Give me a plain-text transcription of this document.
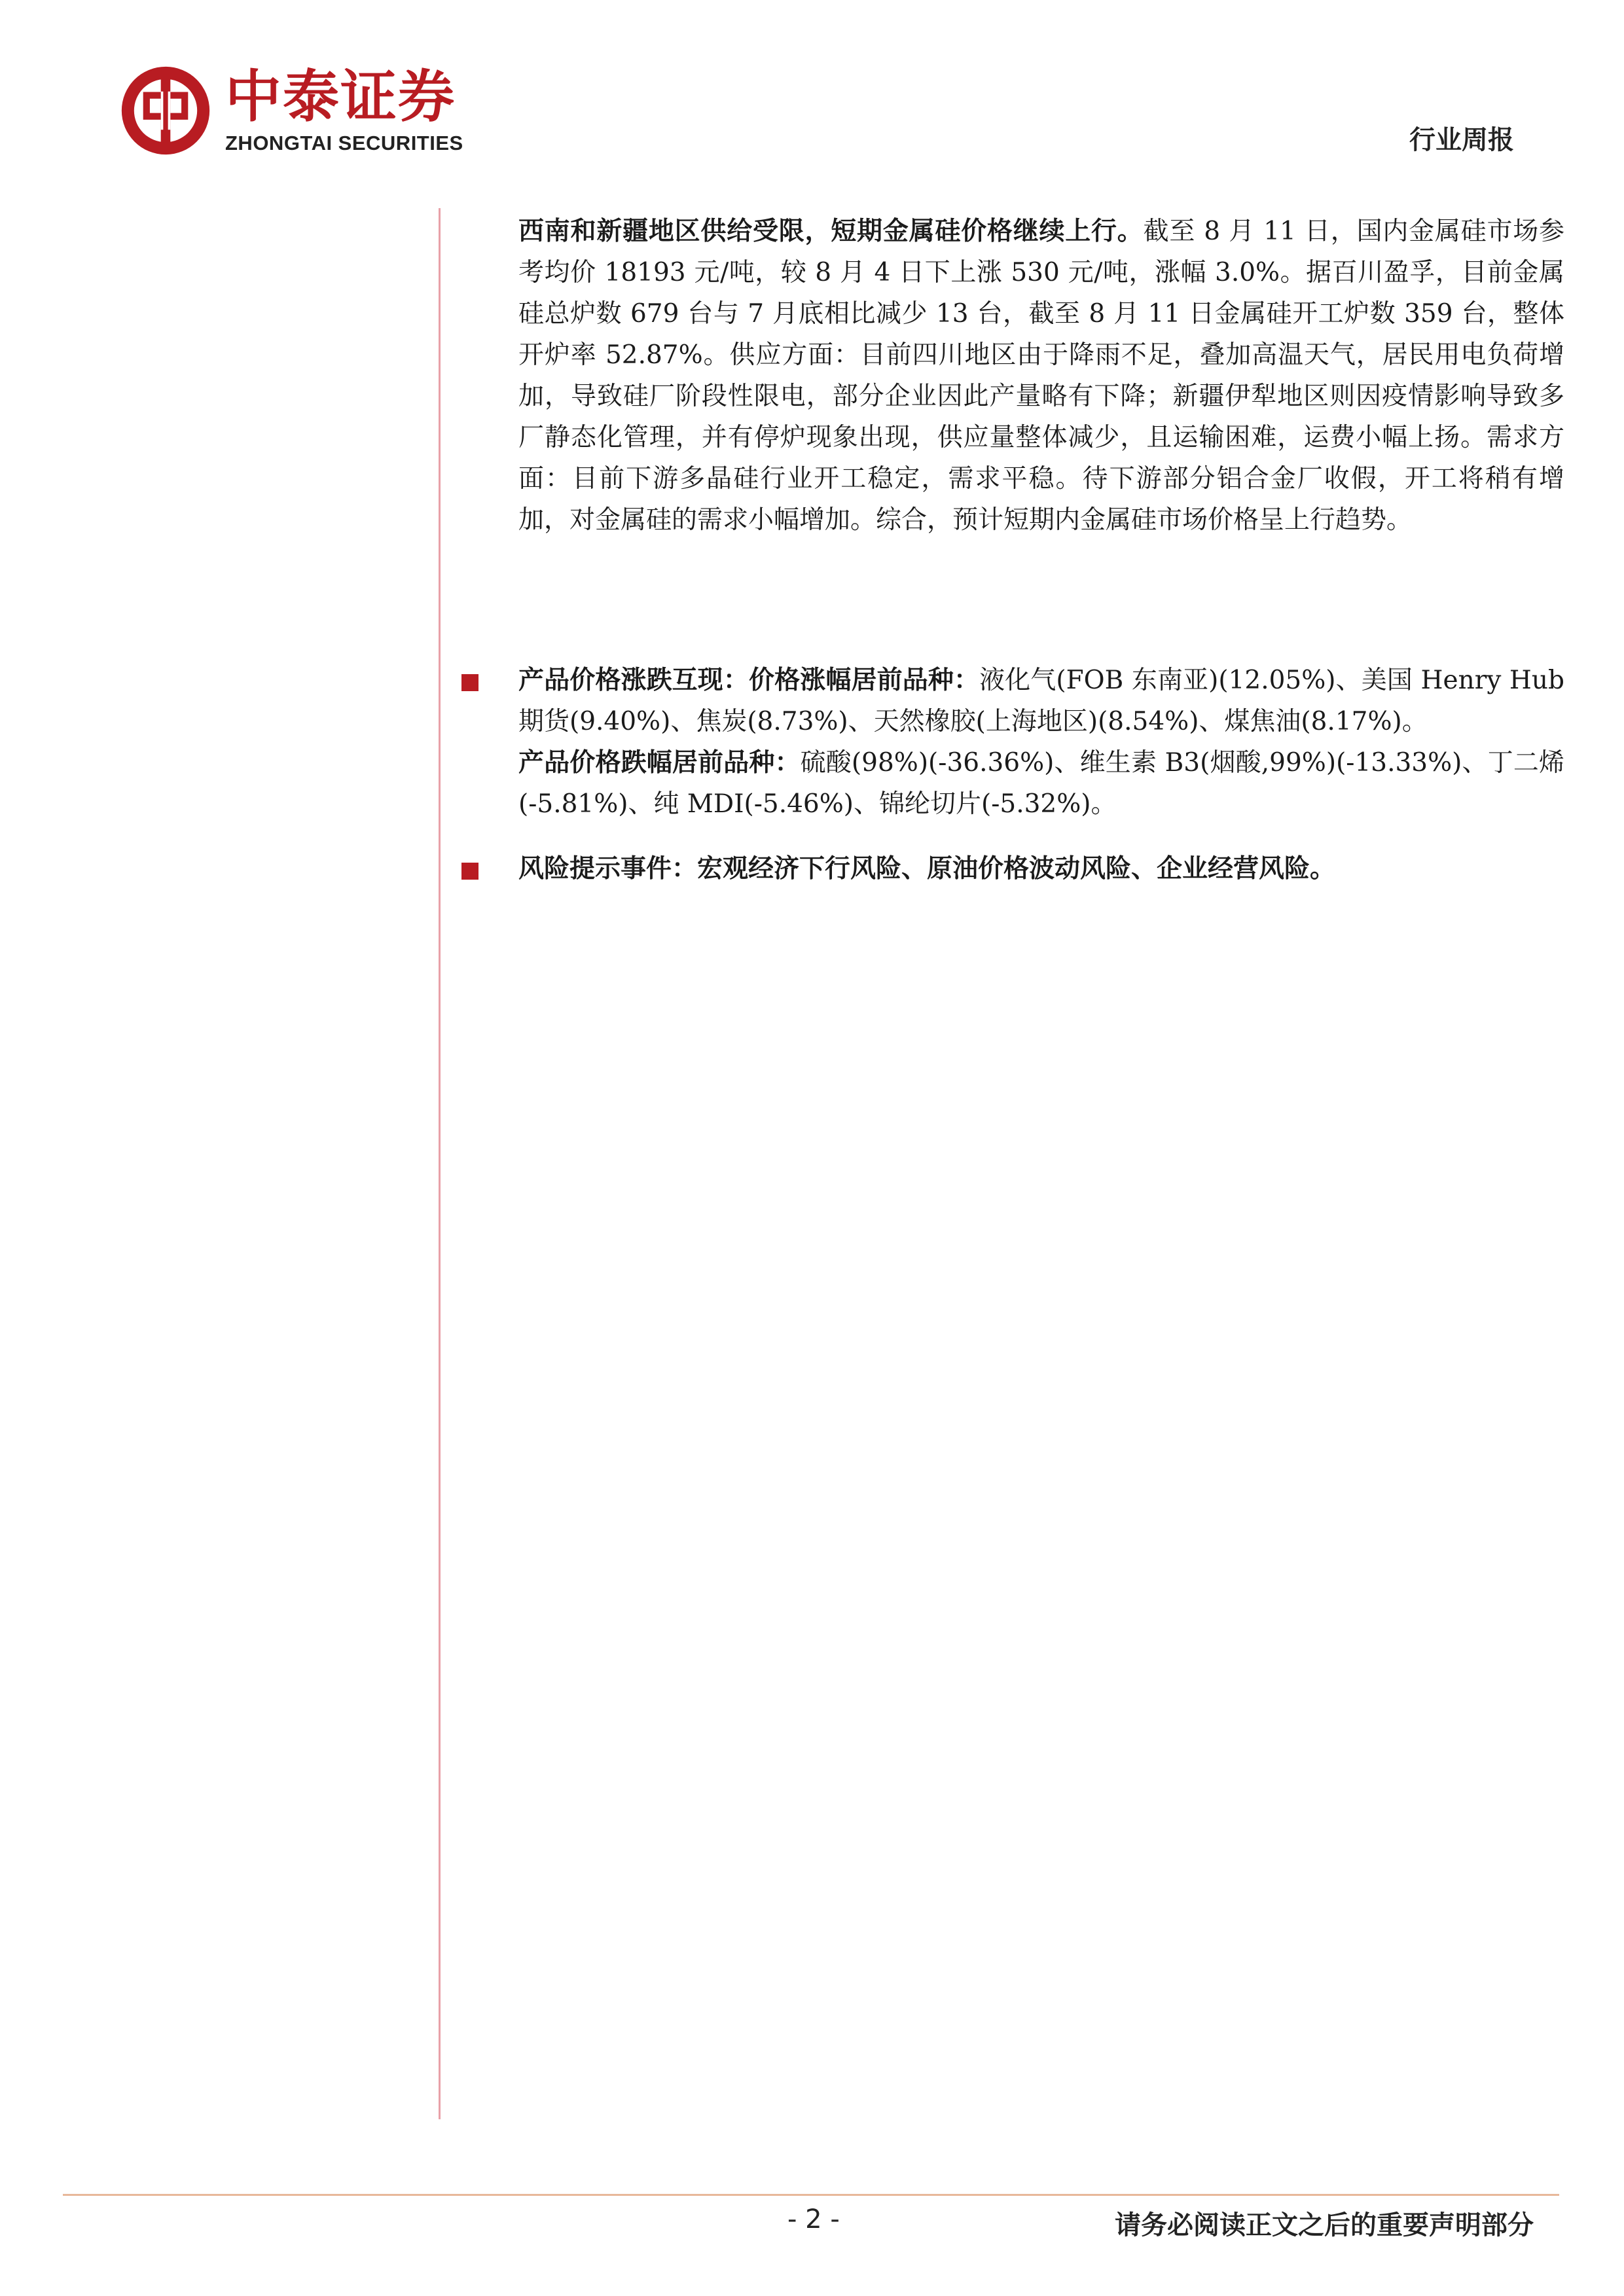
中泰证券
ZHONGTAI SECURITIES	行业周报

西南和新疆地区供给受限，短期金属硅价格继续上行。截至 8 月 11 日，国内金属硅市场参考均价 18193 元/吨，较 8 月 4 日下上涨 530 元/吨，涨幅 3.0%。据百川盈孚，目前金属硅总炉数 679 台与 7 月底相比减少 13 台，截至 8 月 11 日金属硅开工炉数 359 台，整体开炉率 52.87%。供应方面：目前四川地区由于降雨不足，叠加高温天气，居民用电负荷增加，导致硅厂阶段性限电，部分企业因此产量略有下降；新疆伊犁地区则因疫情影响导致多厂静态化管理，并有停炉现象出现，供应量整体减少，且运输困难，运费小幅上扬。需求方面：目前下游多晶硅行业开工稳定，需求平稳。待下游部分铝合金厂收假，开工将稍有增加，对金属硅的需求小幅增加。综合，预计短期内金属硅市场价格呈上行趋势。

产品价格涨跌互现：价格涨幅居前品种：液化气(FOB 东南亚)(12.05%)、美国 Henry Hub 期货(9.40%)、焦炭(8.73%)、天然橡胶(上海地区)(8.54%)、煤焦油(8.17%)。

产品价格跌幅居前品种：硫酸(98%)(-36.36%)、维生素 B3(烟酸,99%)(-13.33%)、丁二烯(-5.81%)、纯 MDI(-5.46%)、锦纶切片(-5.32%)。

风险提示事件：宏观经济下行风险、原油价格波动风险、企业经营风险。

- 2 -	请务必阅读正文之后的重要声明部分
